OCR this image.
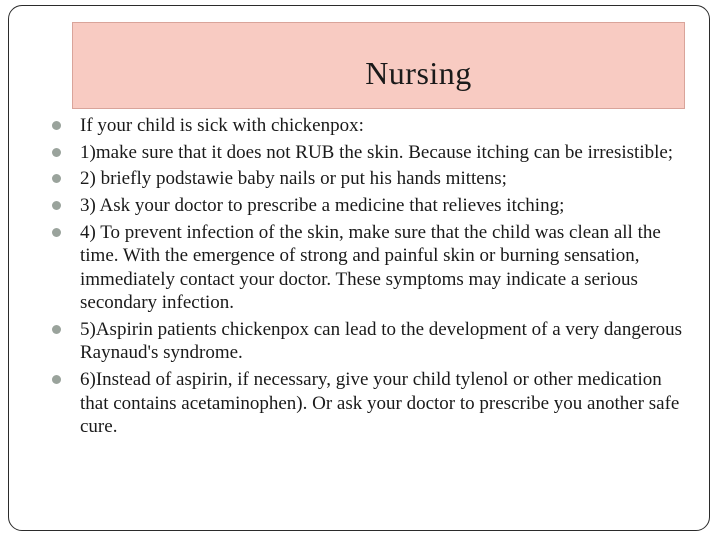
Nursing
If your child is sick with chickenpox:
1)make sure that it does not RUB the skin. Because itching can be irresistible;
2) briefly podstawie baby nails or put his hands mittens;
3) Ask your doctor to prescribe a medicine that relieves itching;
4) To prevent infection of the skin, make sure that the child was clean all the time. With the emergence of strong and painful skin or burning sensation, immediately contact your doctor. These symptoms may indicate a serious secondary infection.
5)Aspirin patients chickenpox can lead to the development of a very dangerous Raynaud's syndrome.
6)Instead of aspirin, if necessary, give your child tylenol or other medication that contains acetaminophen). Or ask your doctor to prescribe you another safe cure.
